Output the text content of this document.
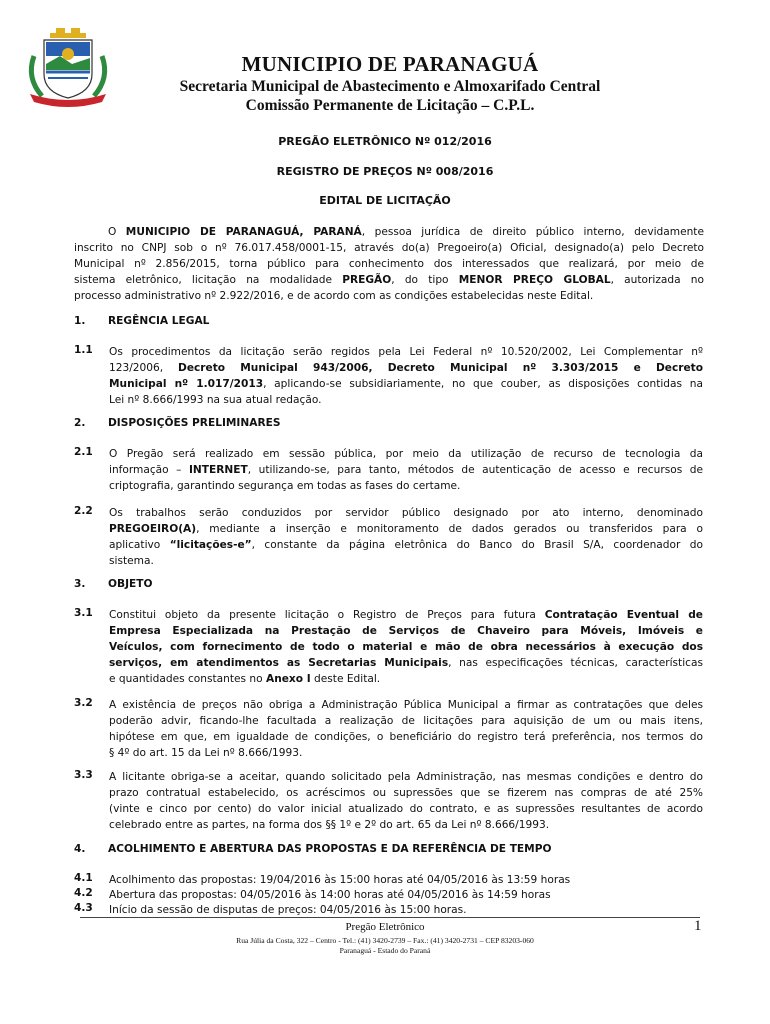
MUNICIPIO DE PARANAGUÁ
Secretaria Municipal de Abastecimento e Almoxarifado Central
Comissão Permanente de Licitação – C.P.L.
PREGÃO ELETRÔNICO Nº 012/2016
REGISTRO DE PREÇOS Nº 008/2016
EDITAL DE LICITAÇÃO
O MUNICIPIO DE PARANAGUÁ, PARANÁ, pessoa jurídica de direito público interno, devidamente
inscrito no CNPJ sob o nº 76.017.458/0001-15, através do(a) Pregoeiro(a) Oficial, designado(a) pelo Decreto
Municipal nº 2.856/2015, torna público para conhecimento dos interessados que realizará, por meio de
sistema eletrônico, licitação na modalidade PREGÃO, do tipo MENOR PREÇO GLOBAL, autorizada no
processo administrativo nº 2.922/2016, e de acordo com as condições estabelecidas neste Edital.
1. REGÊNCIA LEGAL
1.1 Os procedimentos da licitação serão regidos pela Lei Federal nº 10.520/2002, Lei Complementar nº
123/2006, Decreto Municipal 943/2006, Decreto Municipal nº 3.303/2015 e Decreto
Municipal nº 1.017/2013, aplicando-se subsidiariamente, no que couber, as disposições contidas na
Lei nº 8.666/1993 na sua atual redação.
2. DISPOSIÇÕES PRELIMINARES
2.1 O Pregão será realizado em sessão pública, por meio da utilização de recurso de tecnologia da
informação – INTERNET, utilizando-se, para tanto, métodos de autenticação de acesso e recursos de
criptografia, garantindo segurança em todas as fases do certame.
2.2 Os trabalhos serão conduzidos por servidor público designado por ato interno, denominado
PREGOEIRO(A), mediante a inserção e monitoramento de dados gerados ou transferidos para o
aplicativo “licitações-e”, constante da página eletrônica do Banco do Brasil S/A, coordenador do
sistema.
3. OBJETO
3.1 Constitui objeto da presente licitação o Registro de Preços para futura Contratação Eventual de
Empresa Especializada na Prestação de Serviços de Chaveiro para Móveis, Imóveis e
Veículos, com fornecimento de todo o material e mão de obra necessários à execução dos
serviços, em atendimentos as Secretarias Municipais, nas especificações técnicas, características
e quantidades constantes no Anexo I deste Edital.
3.2 A existência de preços não obriga a Administração Pública Municipal a firmar as contratações que deles
poderão advir, ficando-lhe facultada a realização de licitações para aquisição de um ou mais itens,
hipótese em que, em igualdade de condições, o beneficiário do registro terá preferência, nos termos do
§ 4º do art. 15 da Lei nº 8.666/1993.
3.3 A licitante obriga-se a aceitar, quando solicitado pela Administração, nas mesmas condições e dentro do
prazo contratual estabelecido, os acréscimos ou supressões que se fizerem nas compras de até 25%
(vinte e cinco por cento) do valor inicial atualizado do contrato, e as supressões resultantes de acordo
celebrado entre as partes, na forma dos §§ 1º e 2º do art. 65 da Lei nº 8.666/1993.
4. ACOLHIMENTO E ABERTURA DAS PROPOSTAS E DA REFERÊNCIA DE TEMPO
4.1 Acolhimento das propostas: 19/04/2016 às 15:00 horas até 04/05/2016 às 13:59 horas
4.2 Abertura das propostas: 04/05/2016 às 14:00 horas até 04/05/2016 às 14:59 horas
4.3 Início da sessão de disputas de preços: 04/05/2016 às 15:00 horas.
Pregão Eletrônico	1
Rua Júlia da Costa, 322 – Centro - Tel.: (41) 3420-2739 – Fax.: (41) 3420-2731 – CEP 83203-060
Paranaguá - Estado do Paraná
